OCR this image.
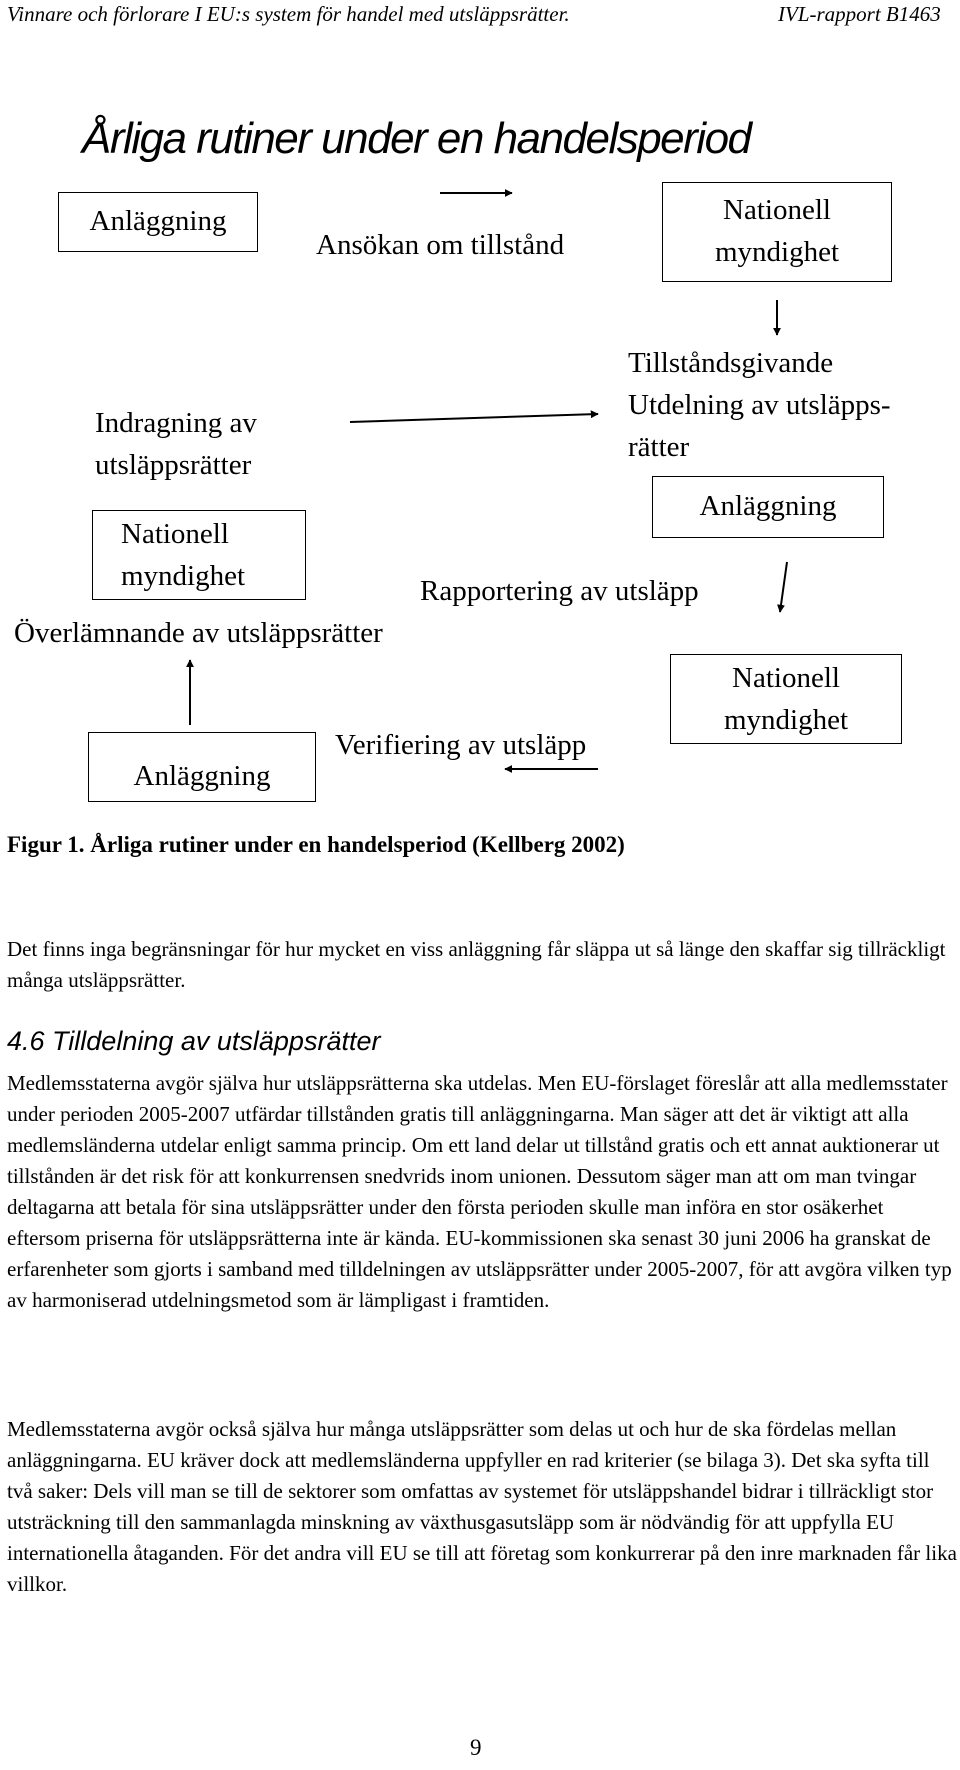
Vinnare och förlorare I EU:s system för handel med utsläppsrätter.	IVL-rapport B1463
Årliga rutiner under en handelsperiod
Anläggning
Ansökan om tillstånd
Nationell
myndighet
Tillståndsgivande
Utdelning av utsläpps-
rätter
Indragning av
utsläppsrätter
Anläggning
Nationell
myndighet	Rapportering av utsläpp
Överlämnande av utsläppsrätter
Nationell
myndighet
Verifiering av utsläpp
Anläggning
Figur 1. Årliga rutiner under en handelsperiod (Kellberg 2002)

Det finns inga begränsningar för hur mycket en viss anläggning får släppa ut så länge den skaffar sig tillräckligt många utsläppsrätter.

4.6 Tilldelning av utsläppsrätter

Medlemsstaterna avgör själva hur utsläppsrätterna ska utdelas. Men EU-förslaget föreslår att alla medlemsstater under perioden 2005-2007 utfärdar tillstånden gratis till anläggningarna. Man säger att det är viktigt att alla medlemsländerna utdelar enligt samma princip. Om ett land delar ut tillstånd gratis och ett annat auktionerar ut tillstånden är det risk för att konkurrensen snedvrids inom unionen. Dessutom säger man att om man tvingar deltagarna att betala för sina utsläppsrätter under den första perioden skulle man införa en stor osäkerhet eftersom priserna för utsläppsrätterna inte är kända. EU-kommissionen ska senast 30 juni 2006 ha granskat de erfarenheter som gjorts i samband med tilldelningen av utsläppsrätter under 2005-2007, för att avgöra vilken typ av harmoniserad utdelningsmetod som är lämpligast i framtiden.

Medlemsstaterna avgör också själva hur många utsläppsrätter som delas ut och hur de ska fördelas mellan anläggningarna. EU kräver dock att medlemsländerna uppfyller en rad kriterier (se bilaga 3). Det ska syfta till två saker: Dels vill man se till de sektorer som omfattas av systemet för utsläppshandel bidrar i tillräckligt stor utsträckning till den sammanlagda minskning av växthusgasutsläpp som är nödvändig för att uppfylla EU internationella åtaganden. För det andra vill EU se till att företag som konkurrerar på den inre marknaden får lika villkor.

9
